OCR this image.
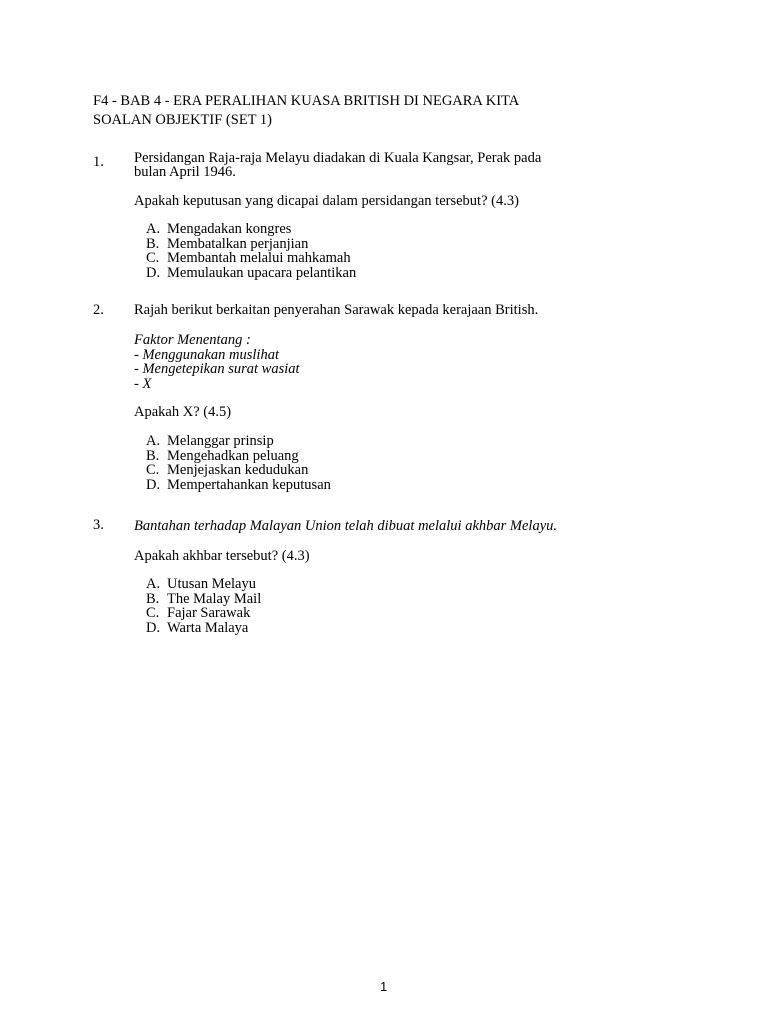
F4 - BAB 4 - ERA PERALIHAN KUASA BRITISH DI NEGARA KITA
SOALAN OBJEKTIF (SET 1)
1. Persidangan Raja-raja Melayu diadakan di Kuala Kangsar, Perak pada
bulan April 1946.
Apakah keputusan yang dicapai dalam persidangan tersebut? (4.3)
A. Mengadakan kongres
B. Membatalkan perjanjian
C. Membantah melalui mahkamah
D. Memulaukan upacara pelantikan
2. Rajah berikut berkaitan penyerahan Sarawak kepada kerajaan British.
Faktor Menentang :
- Menggunakan muslihat
- Mengetepikan surat wasiat
- X
Apakah X? (4.5)
A. Melanggar prinsip
B. Mengehadkan peluang
C. Menjejaskan kedudukan
D. Mempertahankan keputusan
3. Bantahan terhadap Malayan Union telah dibuat melalui akhbar Melayu.
Apakah akhbar tersebut? (4.3)
A. Utusan Melayu
B. The Malay Mail
C. Fajar Sarawak
D. Warta Malaya
1
